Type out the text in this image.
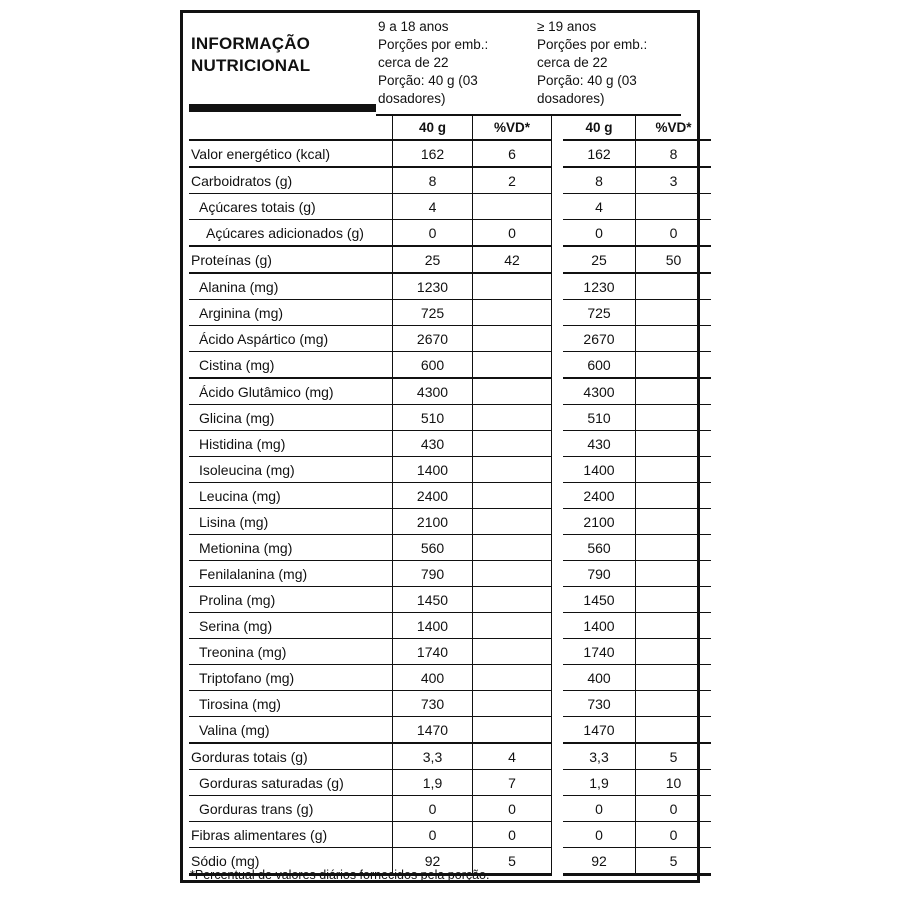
INFORMAÇÃO
NUTRICIONAL
9 a 18 anos
Porções por emb.:
cerca de 22
Porção: 40 g (03
dosadores)
≥ 19 anos
Porções por emb.:
cerca de 22
Porção: 40 g (03
dosadores)
	40 g	%VD*		40 g	%VD*
Valor energético (kcal)	162	6		162	8
Carboidratos (g)	8	2		8	3
Açúcares totais (g)	4			4	
Açúcares adicionados (g)	0	0		0	0
Proteínas (g)	25	42		25	50
Alanina (mg)	1230			1230	
Arginina (mg)	725			725	
Ácido Aspártico (mg)	2670			2670	
Cistina (mg)	600			600	
Ácido Glutâmico (mg)	4300			4300	
Glicina (mg)	510			510	
Histidina (mg)	430			430	
Isoleucina (mg)	1400			1400	
Leucina (mg)	2400			2400	
Lisina (mg)	2100			2100	
Metionina (mg)	560			560	
Fenilalanina (mg)	790			790	
Prolina (mg)	1450			1450	
Serina (mg)	1400			1400	
Treonina (mg)	1740			1740	
Triptofano (mg)	400			400	
Tirosina (mg)	730			730	
Valina (mg)	1470			1470	
Gorduras totais (g)	3,3	4		3,3	5
Gorduras saturadas (g)	1,9	7		1,9	10
Gorduras trans (g)	0	0		0	0
Fibras alimentares (g)	0	0		0	0
Sódio (mg)	92	5		92	5
*Percentual de valores diários fornecidos pela porção.
